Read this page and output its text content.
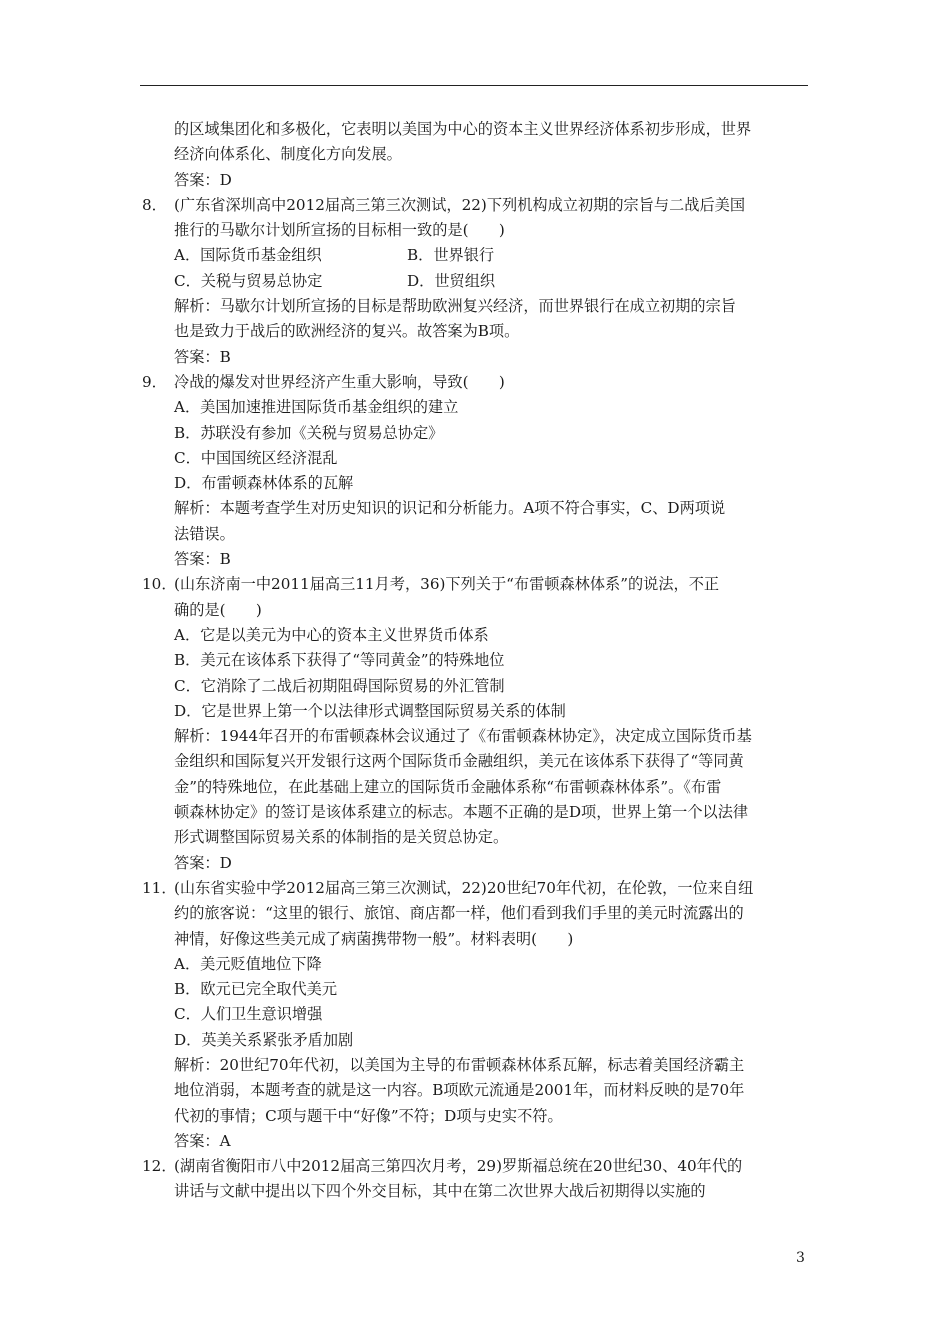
的区域集团化和多极化，它表明以美国为中心的资本主义世界经济体系初步形成，世界
经济向体系化、制度化方向发展。
答案：D
8． (广东省深圳高中2012届高三第三次测试，22)下列机构成立初期的宗旨与二战后美国
推行的马歇尔计划所宣扬的目标相一致的是(　　)
A．国际货币基金组织	B．世界银行
C．关税与贸易总协定	D．世贸组织
解析：马歇尔计划所宣扬的目标是帮助欧洲复兴经济，而世界银行在成立初期的宗旨
也是致力于战后的欧洲经济的复兴。故答案为B项。
答案：B
9． 冷战的爆发对世界经济产生重大影响，导致(　　)
A．美国加速推进国际货币基金组织的建立
B．苏联没有参加《关税与贸易总协定》
C．中国国统区经济混乱
D．布雷顿森林体系的瓦解
解析：本题考查学生对历史知识的识记和分析能力。A项不符合事实，C、D两项说
法错误。
答案：B
10．(山东济南一中2011届高三11月考，36)下列关于“布雷顿森林体系”的说法，不正
确的是(　　)
A．它是以美元为中心的资本主义世界货币体系
B．美元在该体系下获得了“等同黄金”的特殊地位
C．它消除了二战后初期阻碍国际贸易的外汇管制
D．它是世界上第一个以法律形式调整国际贸易关系的体制
解析：1944年召开的布雷顿森林会议通过了《布雷顿森林协定》，决定成立国际货币基
金组织和国际复兴开发银行这两个国际货币金融组织，美元在该体系下获得了“等同黄
金”的特殊地位，在此基础上建立的国际货币金融体系称“布雷顿森林体系”。《布雷
顿森林协定》的签订是该体系建立的标志。本题不正确的是D项，世界上第一个以法律
形式调整国际贸易关系的体制指的是关贸总协定。
答案：D
11．(山东省实验中学2012届高三第三次测试，22)20世纪70年代初，在伦敦，一位来自纽
约的旅客说：“这里的银行、旅馆、商店都一样，他们看到我们手里的美元时流露出的
神情，好像这些美元成了病菌携带物一般”。材料表明(　　)
A．美元贬值地位下降
B．欧元已完全取代美元
C．人们卫生意识增强
D．英美关系紧张矛盾加剧
解析：20世纪70年代初，以美国为主导的布雷顿森林体系瓦解，标志着美国经济霸主
地位消弱，本题考查的就是这一内容。B项欧元流通是2001年，而材料反映的是70年
代初的事情；C项与题干中“好像”不符；D项与史实不符。
答案：A
12．(湖南省衡阳市八中2012届高三第四次月考，29)罗斯福总统在20世纪30、40年代的
讲话与文献中提出以下四个外交目标，其中在第二次世界大战后初期得以实施的
3
